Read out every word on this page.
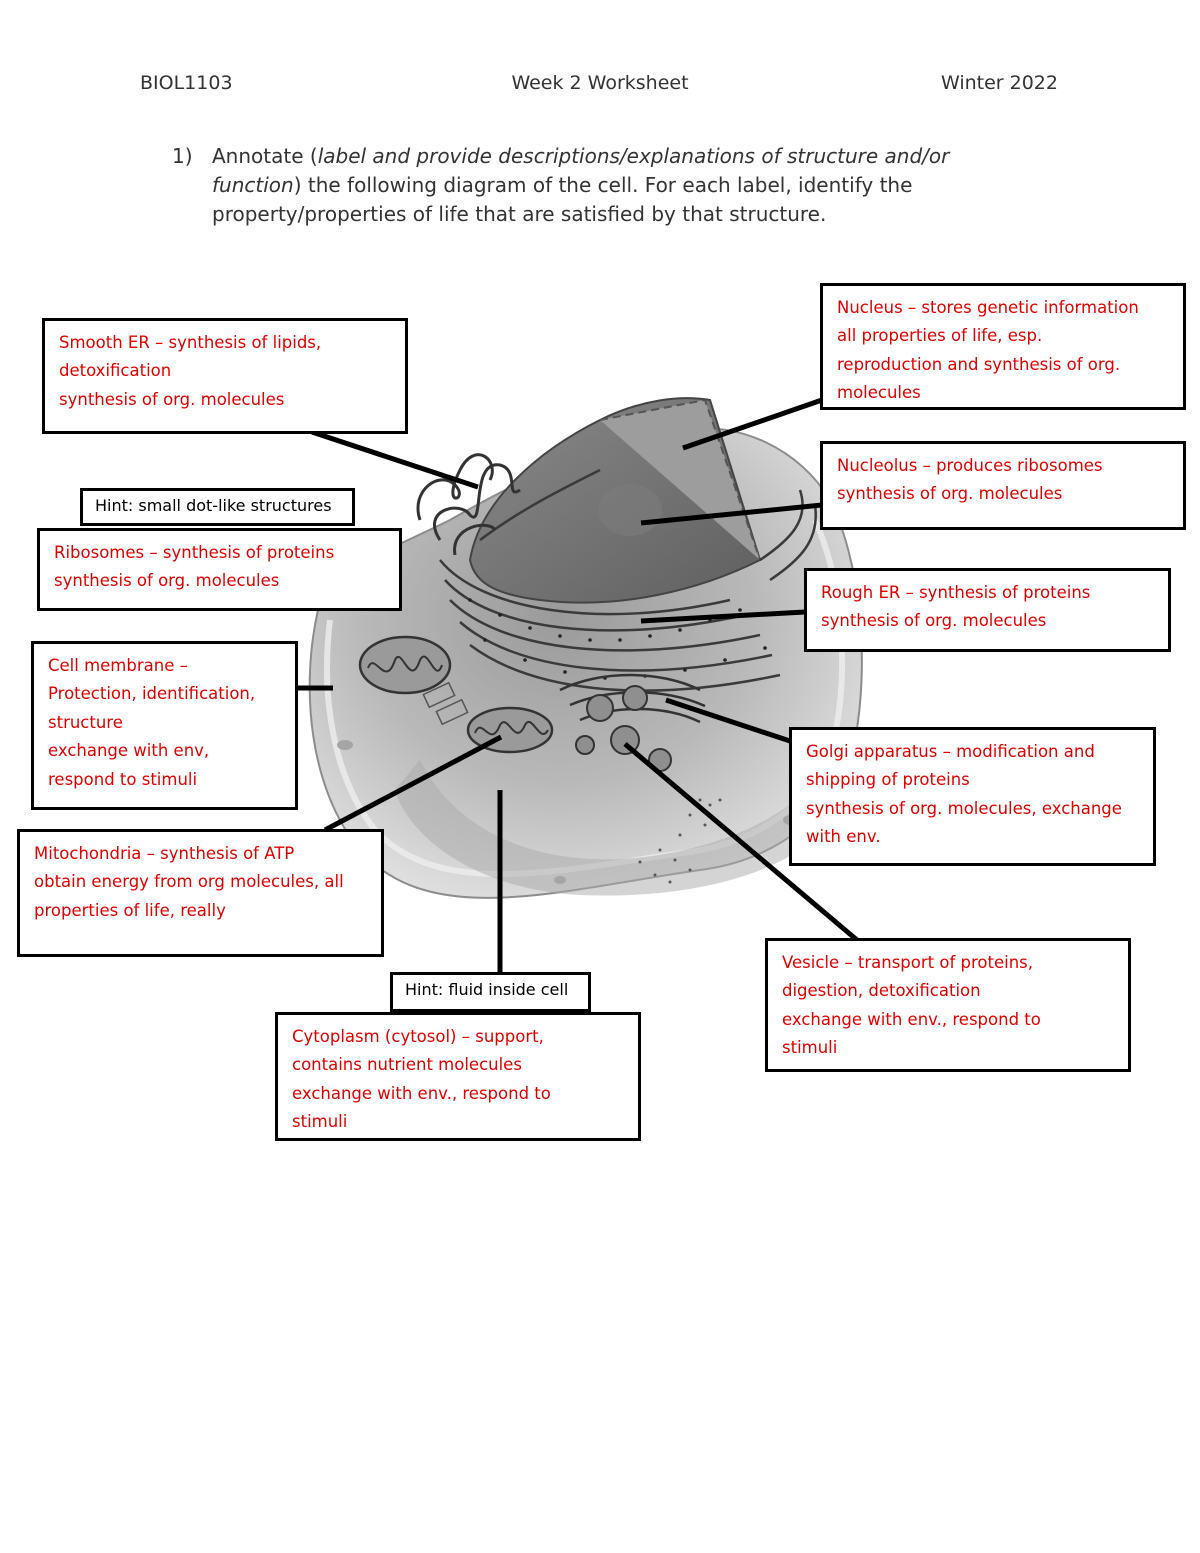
BIOL1103	Week 2 Worksheet	Winter 2022
1) Annotate (label and provide descriptions/explanations of structure and/or function) the following diagram of the cell. For each label, identify the property/properties of life that are satisfied by that structure.
Smooth ER – synthesis of lipids,
detoxification
synthesis of org. molecules
Hint: small dot-like structures
Ribosomes – synthesis of proteins
synthesis of org. molecules
Cell membrane –
Protection, identification,
structure
exchange with env,
respond to stimuli
Mitochondria – synthesis of ATP
obtain energy from org molecules, all
properties of life, really
Hint: fluid inside cell
Cytoplasm (cytosol) – support,
contains nutrient molecules
exchange with env., respond to
stimuli
Nucleus – stores genetic information
all properties of life, esp.
reproduction and synthesis of org.
molecules
Nucleolus – produces ribosomes
synthesis of org. molecules
Rough ER – synthesis of proteins
synthesis of org. molecules
Golgi apparatus – modification and
shipping of proteins
synthesis of org. molecules, exchange
with env.
Vesicle – transport of proteins,
digestion, detoxification
exchange with env., respond to
stimuli
